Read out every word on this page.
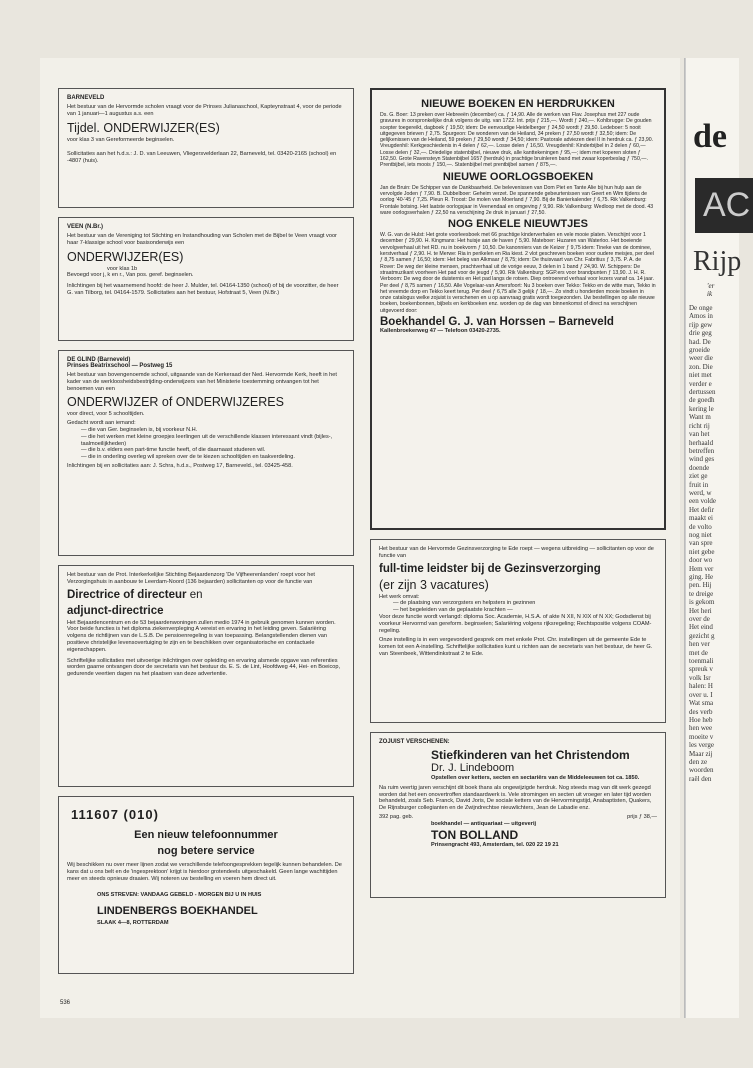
BARNEVELD
Het bestuur van de Hervormde scholen vraagt voor de Prinses Julianaschool, Kapteynstraat 4, voor de periode van 1 januari—1 augustus a.s. een
Tijdel. ONDERWIJZER(ES)
voor klas 3 van Gereformeerde beginselen.
Sollicitaties aan het h.d.s.: J. D. van Leeuwen, Vliegersvelderlaan 22, Barneveld, tel. 03420-2165 (school) en -4807 (huis).
VEEN (N.Br.)
Het bestuur van de Vereniging tot Stichting en Instandhouding van Scholen met de Bijbel te Veen vraagt voor haar 7-klassige school voor basisonderwijs een
ONDERWIJZER(ES)
voor klas 1b
Bevoegd voor j, k en r., Van pos. geref. beginselen.
Inlichtingen bij het waarnemend hoofd: de heer J. Mulder, tel. 04164-1350 (school) of bij de voorzitter, de heer G. van Tilborg, tel. 04164-1579. Sollicitaties aan het bestuur, Hofstraat 5, Veen (N.Br.)
DE GLIND (Barneveld)
Prinses Beatrixschool — Postweg 15
Het bestuur van bovengenoemde school, uitgaande van de Kerkeraad der Ned. Hervormde Kerk, heeft in het kader van de werkloosheidsbestrijding-onderwijzers van het Ministerie toestemming ontvangen tot het benoemen van een
ONDERWIJZER of ONDERWIJZERES
voor direct, voor 5 schooltijden.
Gedacht wordt aan iemand:
— die van Ger. beginselen is, bij voorkeur N.H.
— die het werken met kleine groepjes leerlingen uit de verschillende klassen interessant vindt (bijles-, taalmoeilijkheden)
— die b.v. elders een part-time functie heeft, of die daarnaast studeren wil.
— die in onderling overleg wil spreken over de te kiezen schooltijden en taakverdeling.
Inlichtingen bij en sollicitaties aan: J. Schra, h.d.s., Postweg 17, Barneveld., tel. 03425-458.
Het bestuur van de Prot. Interkerkelijke Stichting Bejaardenzorg 'De Vijfheerenlanden' roept voor het Verzorgingshuis in aanbouw te Leerdam-Noord (136 bejaarden) sollicitanten op voor de functie van
Directrice of directeur en
adjunct-directrice
Het Bejaardencentrum en de 53 bejaardenwoningen zullen medio 1974 in gebruik genomen kunnen worden. Voor beide functies is het diploma ziekenverpleging A vereist en ervaring in het leiding geven. Salariëring volgens de richtlijnen van de L.S.B. De pensioenregeling is van toepassing. Belangstellenden dienen van positieve christelijke levensovertuiging te zijn en te beschikken over organisatorische en contactuele eigenschappen.
Schriftelijke sollicitaties met uitvoerige inlichtingen over opleiding en ervaring alsmede opgave van referenties worden gaarne ontvangen door de secretaris van het bestuur ds. E. S. de Lint, Hoofdweg 44, Hei- en Boeicop, gedurende veertien dagen na het plaatsen van deze advertentie.
111607 (010)
Een nieuw telefoonnummer
nog betere service
Wij beschikken nu over meer lijnen zodat we verschillende telefoongesprekken tegelijk kunnen behandelen. De kans dat u ons belt en de 'ingesprektoon' krijgt is hierdoor grotendeels uitgeschakeld. Geen lange wachttijden meer en steeds opnieuw draaien. Wij noteren uw bestelling en voeren hem direct uit.
ONS STREVEN: VANDAAG GEBELD - MORGEN BIJ U IN HUIS
LINDENBERGS BOEKHANDEL
SLAAK 4—8, ROTTERDAM
NIEUWE BOEKEN EN HERDRUKKEN
Ds. G. Boer: 13 preken over Hebreeën (december) ca. ƒ 14,90. Alle de werken van Flav. Josephus met 227 oude gravures in oorspronkelijke druk volgens de uitg. van 1722. Int. prijs ƒ 215,—. Wordt ƒ 240,—. Kohlbrugge: De gouden scepter toegereikt, dagboek ƒ 19,50; idem: De eenvoudige Heidelberger ƒ 24,50 wordt ƒ 29,50. Ledeboer: 5 nooit uitgegeven brieven ƒ 2,75. Spurgeon: De wonderen van de Heiland, 34 preken ƒ 27,50 wordt ƒ 32,50; idem: De gelijkenissen van de Heiland, 59 preken ƒ 29,50 wordt ƒ 34,50; idem: Pastorale adviezen deel II in herdruk ca. ƒ 23,90. Vreugdenhil: Kerkgeschiedenis in 4 delen ƒ 62,—. Losse delen ƒ 16,50. Vreugdenhil: Kinderbijbel in 2 delen ƒ 60,— Losse delen ƒ 32,—. Driedelige statenbijbel, nieuwe druk, alle kanttekeningen ƒ 95,—; idem met koperen sloten ƒ 162,50. Grote Ravensteyn Statenbijbel 1657 (herdruk) in prachtige bruinleren band met zwaar koperbeslag ƒ 750,—. Prentbijbel, iets moois ƒ 150,—. Statenbijbel met prentbijbel samen ƒ 875,—.
NIEUWE OORLOGSBOEKEN
Jan de Bruin: De Schipper van de Dankbaarheid. De belevenissen van Dom Piet en Tante Alie bij hun hulp aan de vervolgde Joden ƒ 7,90. B. Dubbelboer: Geheim verzet. De spannende gebeurtenissen van Geert en Wim tijdens de oorlog '40-'45 ƒ 7,25. Pleun R. Troost: De molen van Moerland ƒ 7,90. Bij de Banierkalender ƒ 6,75. Rik Valkenburg: Frontale botsing. Het laatste oorlogsjaar in Veenendaal en omgeving ƒ 9,90. Rik Valkenburg: Wedloop met de dood. 43 ware oorlogsverhalen ƒ 22,50 na verschijning 2e druk in januari ƒ 27,50.
NOG ENKELE NIEUWTJES
W. G. van de Hulst: Het grote voorleesboek met 66 prachtige kinderverhalen en vele mooie platen. Verschijnt voor 1 december ƒ 29,90. H. Kingmans: Het huisje aan de haven ƒ 5,90. Mateboer: Huzaren van Waterloo. Het boeiende vervolgverhaal uit het RD. nu in boekvorm ƒ 10,50. De kanonniers van de Keizer ƒ 9,75 idem: Tineke van de dominee, kerstverhaal ƒ 2,90. H. te Merwe: Ria in perikelen en Ria kiest. 2 vlot geschreven boeken voor oudere meisjes, per deel ƒ 8,75 samen ƒ 16,50; idem: Het beleg van Alkmaar ƒ 8,75; idem: De thuisvaart van Chr. Fabritius ƒ 3,75. P. A. de Rover: De weg der kleine mensen, prachtverhaal uit de vorige eeuw, 3 delen in 1 band ƒ 24,90. W. Schippers: De straatmuzikant voorheen Het pad voor de jeugd ƒ 5,90. Rik Valkenburg: SGP.ers voor brandpunten ƒ 13,90. J. H. R. Verboom: De weg door de duisternis en Het pad langs de rotsen. Diep ontroerend verhaal voor lezers vanaf ca. 14 jaar. Per deel ƒ 8,75 samen ƒ 16,50. Alle Vogelaar-van Amersfoort: Nu 3 boeken over Tekko: Tekko en de witte man, Tekko in het vreemde dorp en Tekko keert terug. Per deel ƒ 6,75 alle 3 gelijk ƒ 18,—. Zo vindt u honderden mooie boeken in onze catalogus welke zojuist is verschenen en u op aanvraag gratis wordt toegezonden. Uw bestellingen op alle nieuwe boeken, boekenbonnen, bijbels en kerkboeken enz. worden op de dag van binnenkomst of direct na verschijnen uitgevoerd door:
Boekhandel G. J. van Horssen – Barneveld
Kallenbroekerweg 47 — Telefoon 03420-2735.
Het bestuur van de Hervormde Gezinsverzorging te Ede roept — wegens uitbreiding — sollicitanten op voor de functie van
full-time leidster bij de Gezinsverzorging
(er zijn 3 vacatures)
Het werk omvat:
— de plaatsing van verzorgsters en helpsters in gezinnen
— het begeleiden van de geplaatste krachten —
Voor deze functie wordt verlangd: diploma Soc. Academie, H.S.A. of akte N XII, N XIX of N XX; Godsdienst bij voorkeur Hervormd van gereform. beginselen; Salariëring volgens rijksregeling; Rechtspositie volgens COAM-regeling.
Onze instelling is in een vergevorderd gesprek om met enkele Prot. Chr. instellingen uit de gemeente Ede te komen tot een A-instelling. Schriftelijke sollicitaties kunt u richten aan de secretaris van het bestuur, de heer G. van Steenbeek, Wittendinkstraat 2 te Ede.
ZOJUIST VERSCHENEN:
Stiefkinderen van het Christendom
Dr. J. Lindeboom
Opstellen over ketters, secten en sectariërs van de Middeleeuwen tot ca. 1850.
Na ruim veertig jaren verschijnt dit boek thans als ongewijzigde herdruk. Nog steeds mag van dit werk gezegd worden dat het een onovertroffen standaardwerk is. Vele stromingen en secten uit vroeger en later tijd worden behandeld, zoals Seb. Franck, David Joris, De sociale ketters van de Hervormingstijd, Anabaptisten, Quakers, De Rijnsburger collegianten en de Zwijndrechtse nieuwlichters, Jean de Labadie enz.
392 pag. geb.	prijs ƒ 38,—
boekhandel — antiquariaat — uitgeverij
TON BOLLAND
Prinsengracht 493, Amsterdam, tel. 020 22 19 21
536
de
AC
Rijp
'er
ik
De onge
Amos in
rijp gew
drie geg
had. De
groeide
weer die
zon. Die
niet met
verder e
dertussen
de goedh
kering le
Want m
richt rij
van het
herhaald
betreffen
wind ges
doende
ziet ge
fruit in
werd, w
een volde
Het defir
maakt ei
de volto
nog niet
van spre
niet gebe
door wo
Hem ver
ging. He
pen. Hij
te dreige
is gekom
Het heri
over de
Het eind
gezicht g
hen ver
met de
toenmali
spreuk v
volk Isr
halen: H
over u. I
Wat sma
des verb
Hoe heb
hen wee
moeite v
les verge
Maar zij
den ze
woorden
raël den
